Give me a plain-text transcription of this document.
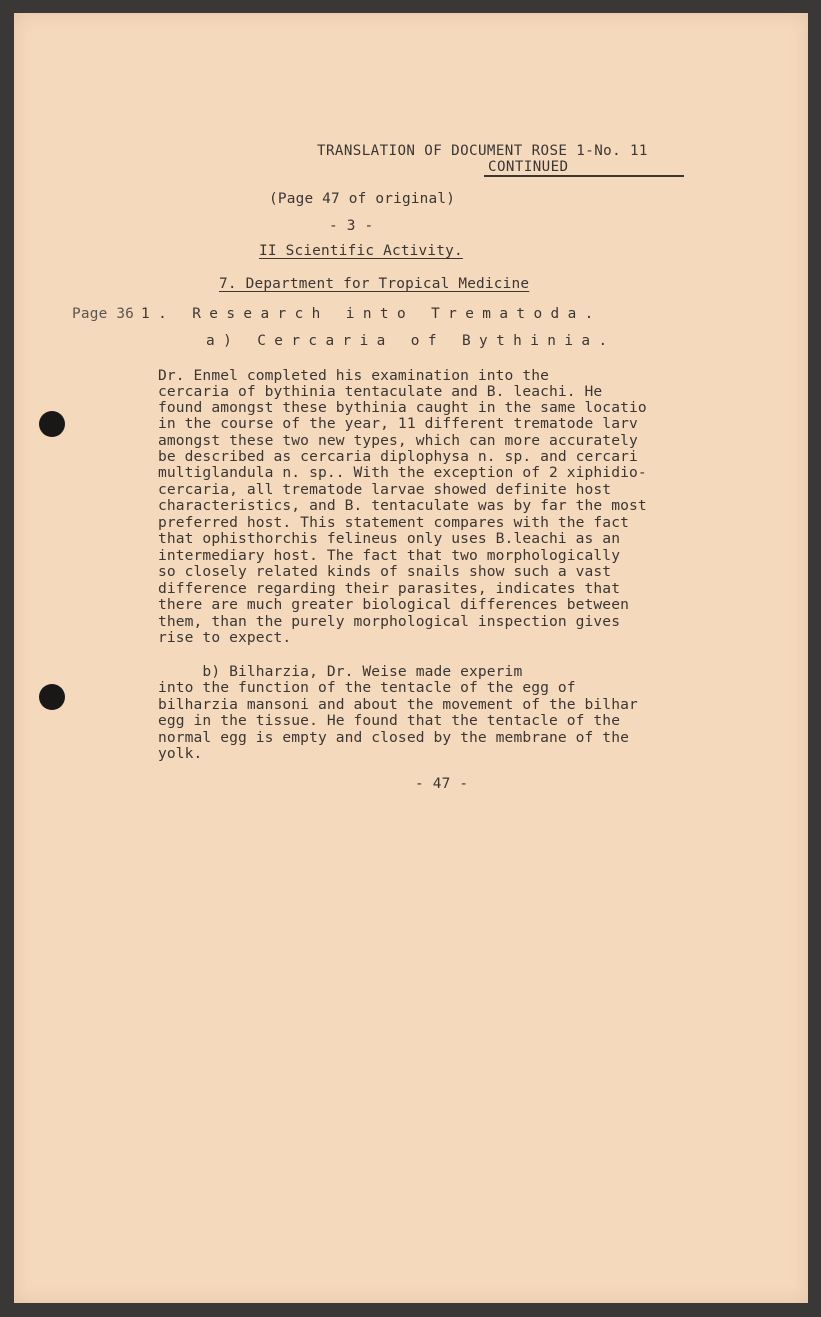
TRANSLATION OF DOCUMENT ROSE 1-No. 11
CONTINUED
(Page 47 of original)
- 3 -
II Scientific Activity.
7. Department for Tropical Medicine
Page 36 1. Research into Trematoda.
a) Cercaria of Bythinia.
Dr. Enmel completed his examination into the
cercaria of bythinia tentaculate and B. leachi. He
found amongst these bythinia caught in the same locatio
in the course of the year, 11 different trematode larv
amongst these two new types, which can more accurately
be described as cercaria diplophysa n. sp. and cercari
multiglandula n. sp.. With the exception of 2 xiphidio-
cercaria, all trematode larvae showed definite host
characteristics, and B. tentaculate was by far the most
preferred host. This statement compares with the fact
that ophisthorchis felineus only uses B.leachi as an
intermediary host. The fact that two morphologically
so closely related kinds of snails show such a vast
difference regarding their parasites, indicates that
there are much greater biological differences between
them, than the purely morphological inspection gives
rise to expect.
b) Bilharzia, Dr. Weise made experim
into the function of the tentacle of the egg of
bilharzia mansoni and about the movement of the bilhar
egg in the tissue. He found that the tentacle of the
normal egg is empty and closed by the membrane of the
yolk.
- 47 -
